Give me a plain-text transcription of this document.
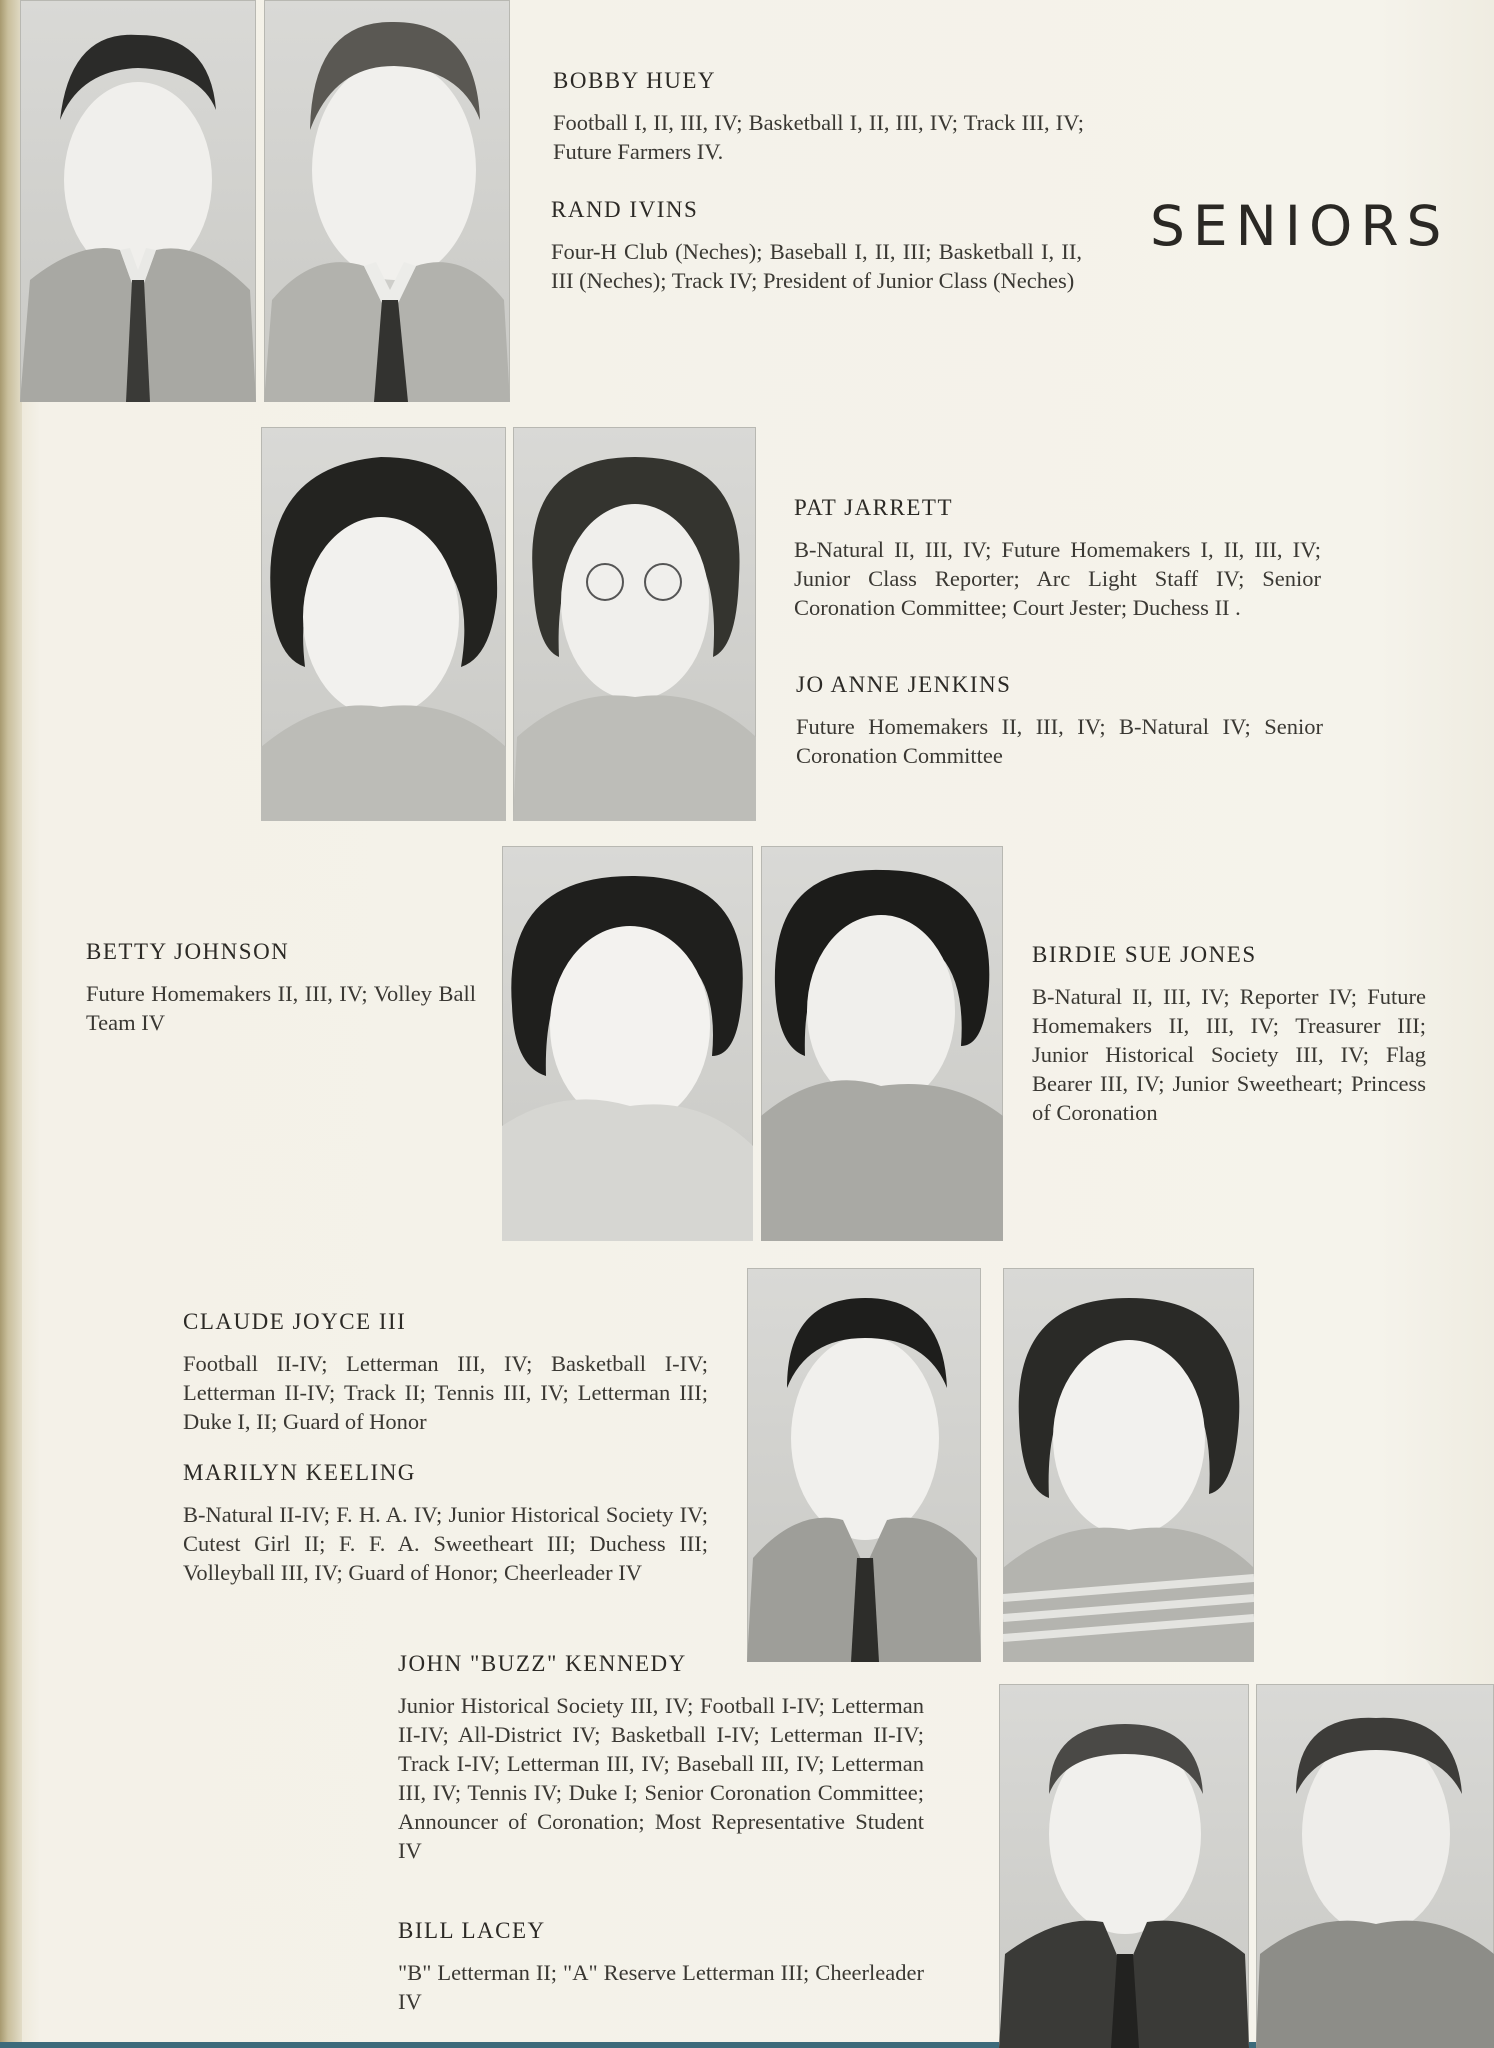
SENIORS
BOBBY HUEY

Football I, II, III, IV; Basketball I, II, III, IV; Track III, IV; Future Farmers IV.

RAND IVINS

Four-H Club (Neches); Baseball I, II, III; Basketball I, II, III (Neches); Track IV; President of Junior Class (Neches)

PAT JARRETT

B-Natural II, III, IV; Future Homemakers I, II, III, IV; Junior Class Reporter; Arc Light Staff IV; Senior Coronation Committee; Court Jester; Duchess II .

JO ANNE JENKINS

Future Homemakers II, III, IV; B-Natural IV; Senior Coronation Committee

BETTY JOHNSON

Future Homemakers II, III, IV; Volley Ball Team IV

BIRDIE SUE JONES

B-Natural II, III, IV; Reporter IV; Future Homemakers II, III, IV; Treasurer III; Junior Historical Society III, IV; Flag Bearer III, IV; Junior Sweetheart; Princess of Coronation

CLAUDE JOYCE III

Football II-IV; Letterman III, IV; Basketball I-IV; Letterman II-IV; Track II; Tennis III, IV; Letterman III; Duke I, II; Guard of Honor

MARILYN KEELING

B-Natural II-IV; F. H. A. IV; Junior Historical Society IV; Cutest Girl II; F. F. A. Sweetheart III; Duchess III; Volleyball III, IV; Guard of Honor; Cheerleader IV

JOHN "BUZZ" KENNEDY

Junior Historical Society III, IV; Football I-IV; Letterman II-IV; All-District IV; Basketball I-IV; Letterman II-IV; Track I-IV; Letterman III, IV; Baseball III, IV; Letterman III, IV; Tennis IV; Duke I; Senior Coronation Committee; Announcer of Coronation; Most Representative Student IV

BILL LACEY

"B" Letterman II; "A" Reserve Letterman III; Cheerleader IV
